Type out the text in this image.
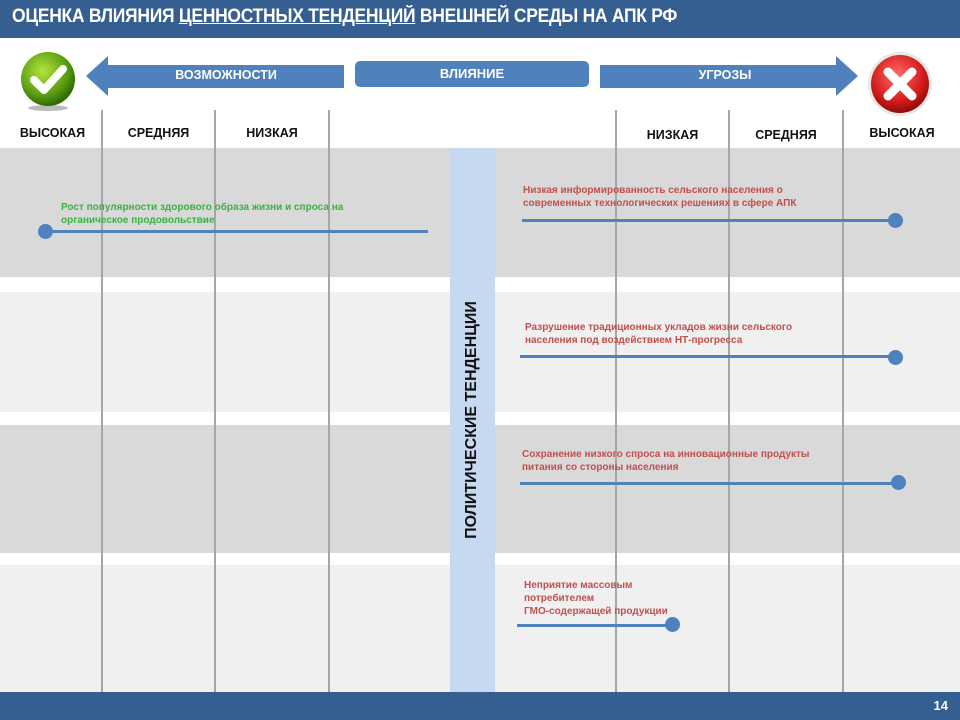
ОЦЕНКА ВЛИЯНИЯ ЦЕННОСТНЫХ ТЕНДЕНЦИЙ ВНЕШНЕЙ СРЕДЫ НА АПК РФ
ВОЗМОЖНОСТИ	ВЛИЯНИЕ	УГРОЗЫ
ВЫСОКАЯ	СРЕДНЯЯ	НИЗКАЯ	НИЗКАЯ	СРЕДНЯЯ	ВЫСОКАЯ
ПОЛИТИЧЕСКИЕ ТЕНДЕНЦИИ
Рост популярности здорового образа жизни и спроса на
органическое продовольствие
Низкая информированность сельского населения о
современных технологических решениях в сфере АПК
Разрушение традиционных укладов жизни сельского
населения под воздействием НТ-прогресса
Сохранение низкого спроса на инновационные продукты
питания со стороны населения
Неприятие массовым
потребителем
ГМО-содержащей продукции
14
